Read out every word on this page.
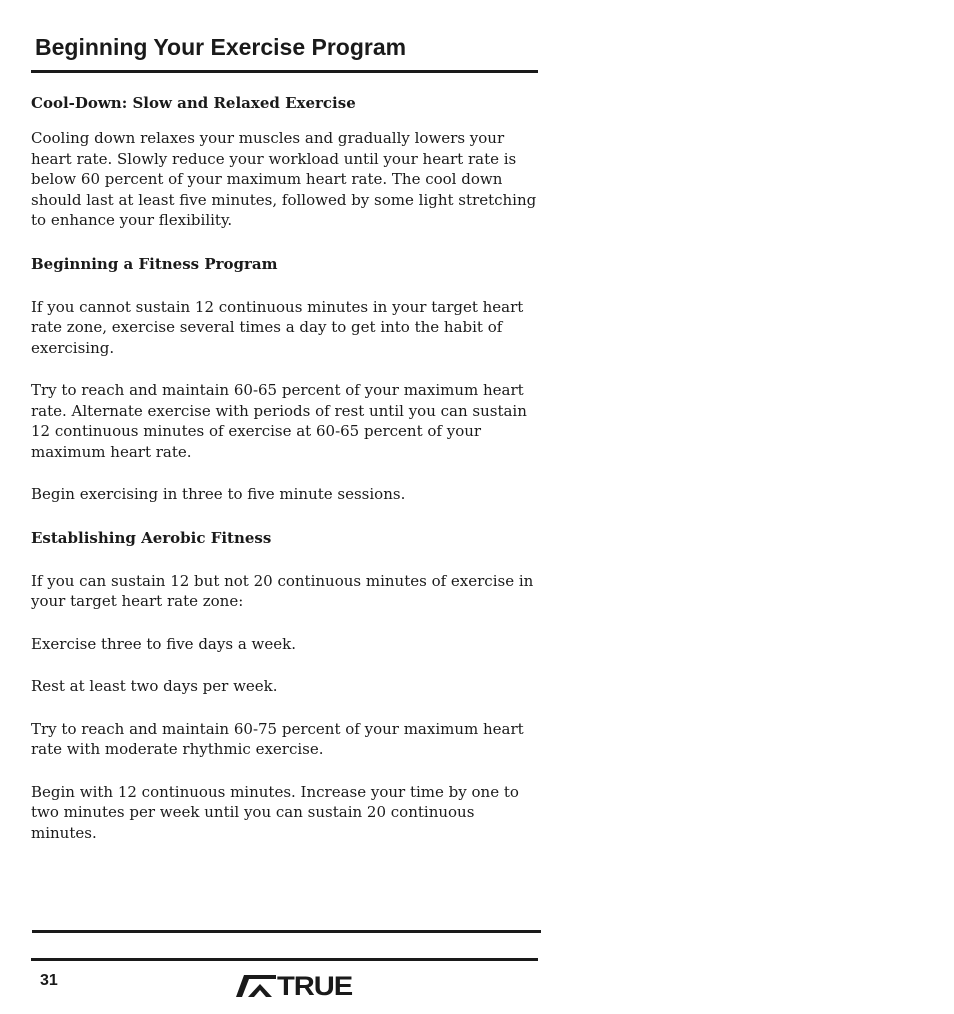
Beginning Your Exercise Program
Cool-Down: Slow and Relaxed Exercise

Cooling down relaxes your muscles and gradually lowers your heart rate. Slowly reduce your workload until your heart rate is below 60 percent of your maximum heart rate. The cool down should last at least five minutes, followed by some light stretching to enhance your flexibility.

Beginning a Fitness Program

If you cannot sustain 12 continuous minutes in your target heart rate zone, exercise several times a day to get into the habit of exercising.

Try to reach and maintain 60-65 percent of your maximum heart rate. Alternate exercise with periods of rest until you can sustain 12 continuous minutes of exercise at 60-65 percent of your maximum heart rate.

Begin exercising in three to five minute sessions.

Establishing Aerobic Fitness

If you can sustain 12 but not 20 continuous minutes of exercise in your target heart rate zone:

Exercise three to five days a week.

Rest at least two days per week.

Try to reach and maintain 60-75 percent of your maximum heart rate with moderate rhythmic exercise.

Begin with 12 continuous minutes. Increase your time by one to two minutes per week until you can sustain 20 continuous minutes.

31	TRUE
